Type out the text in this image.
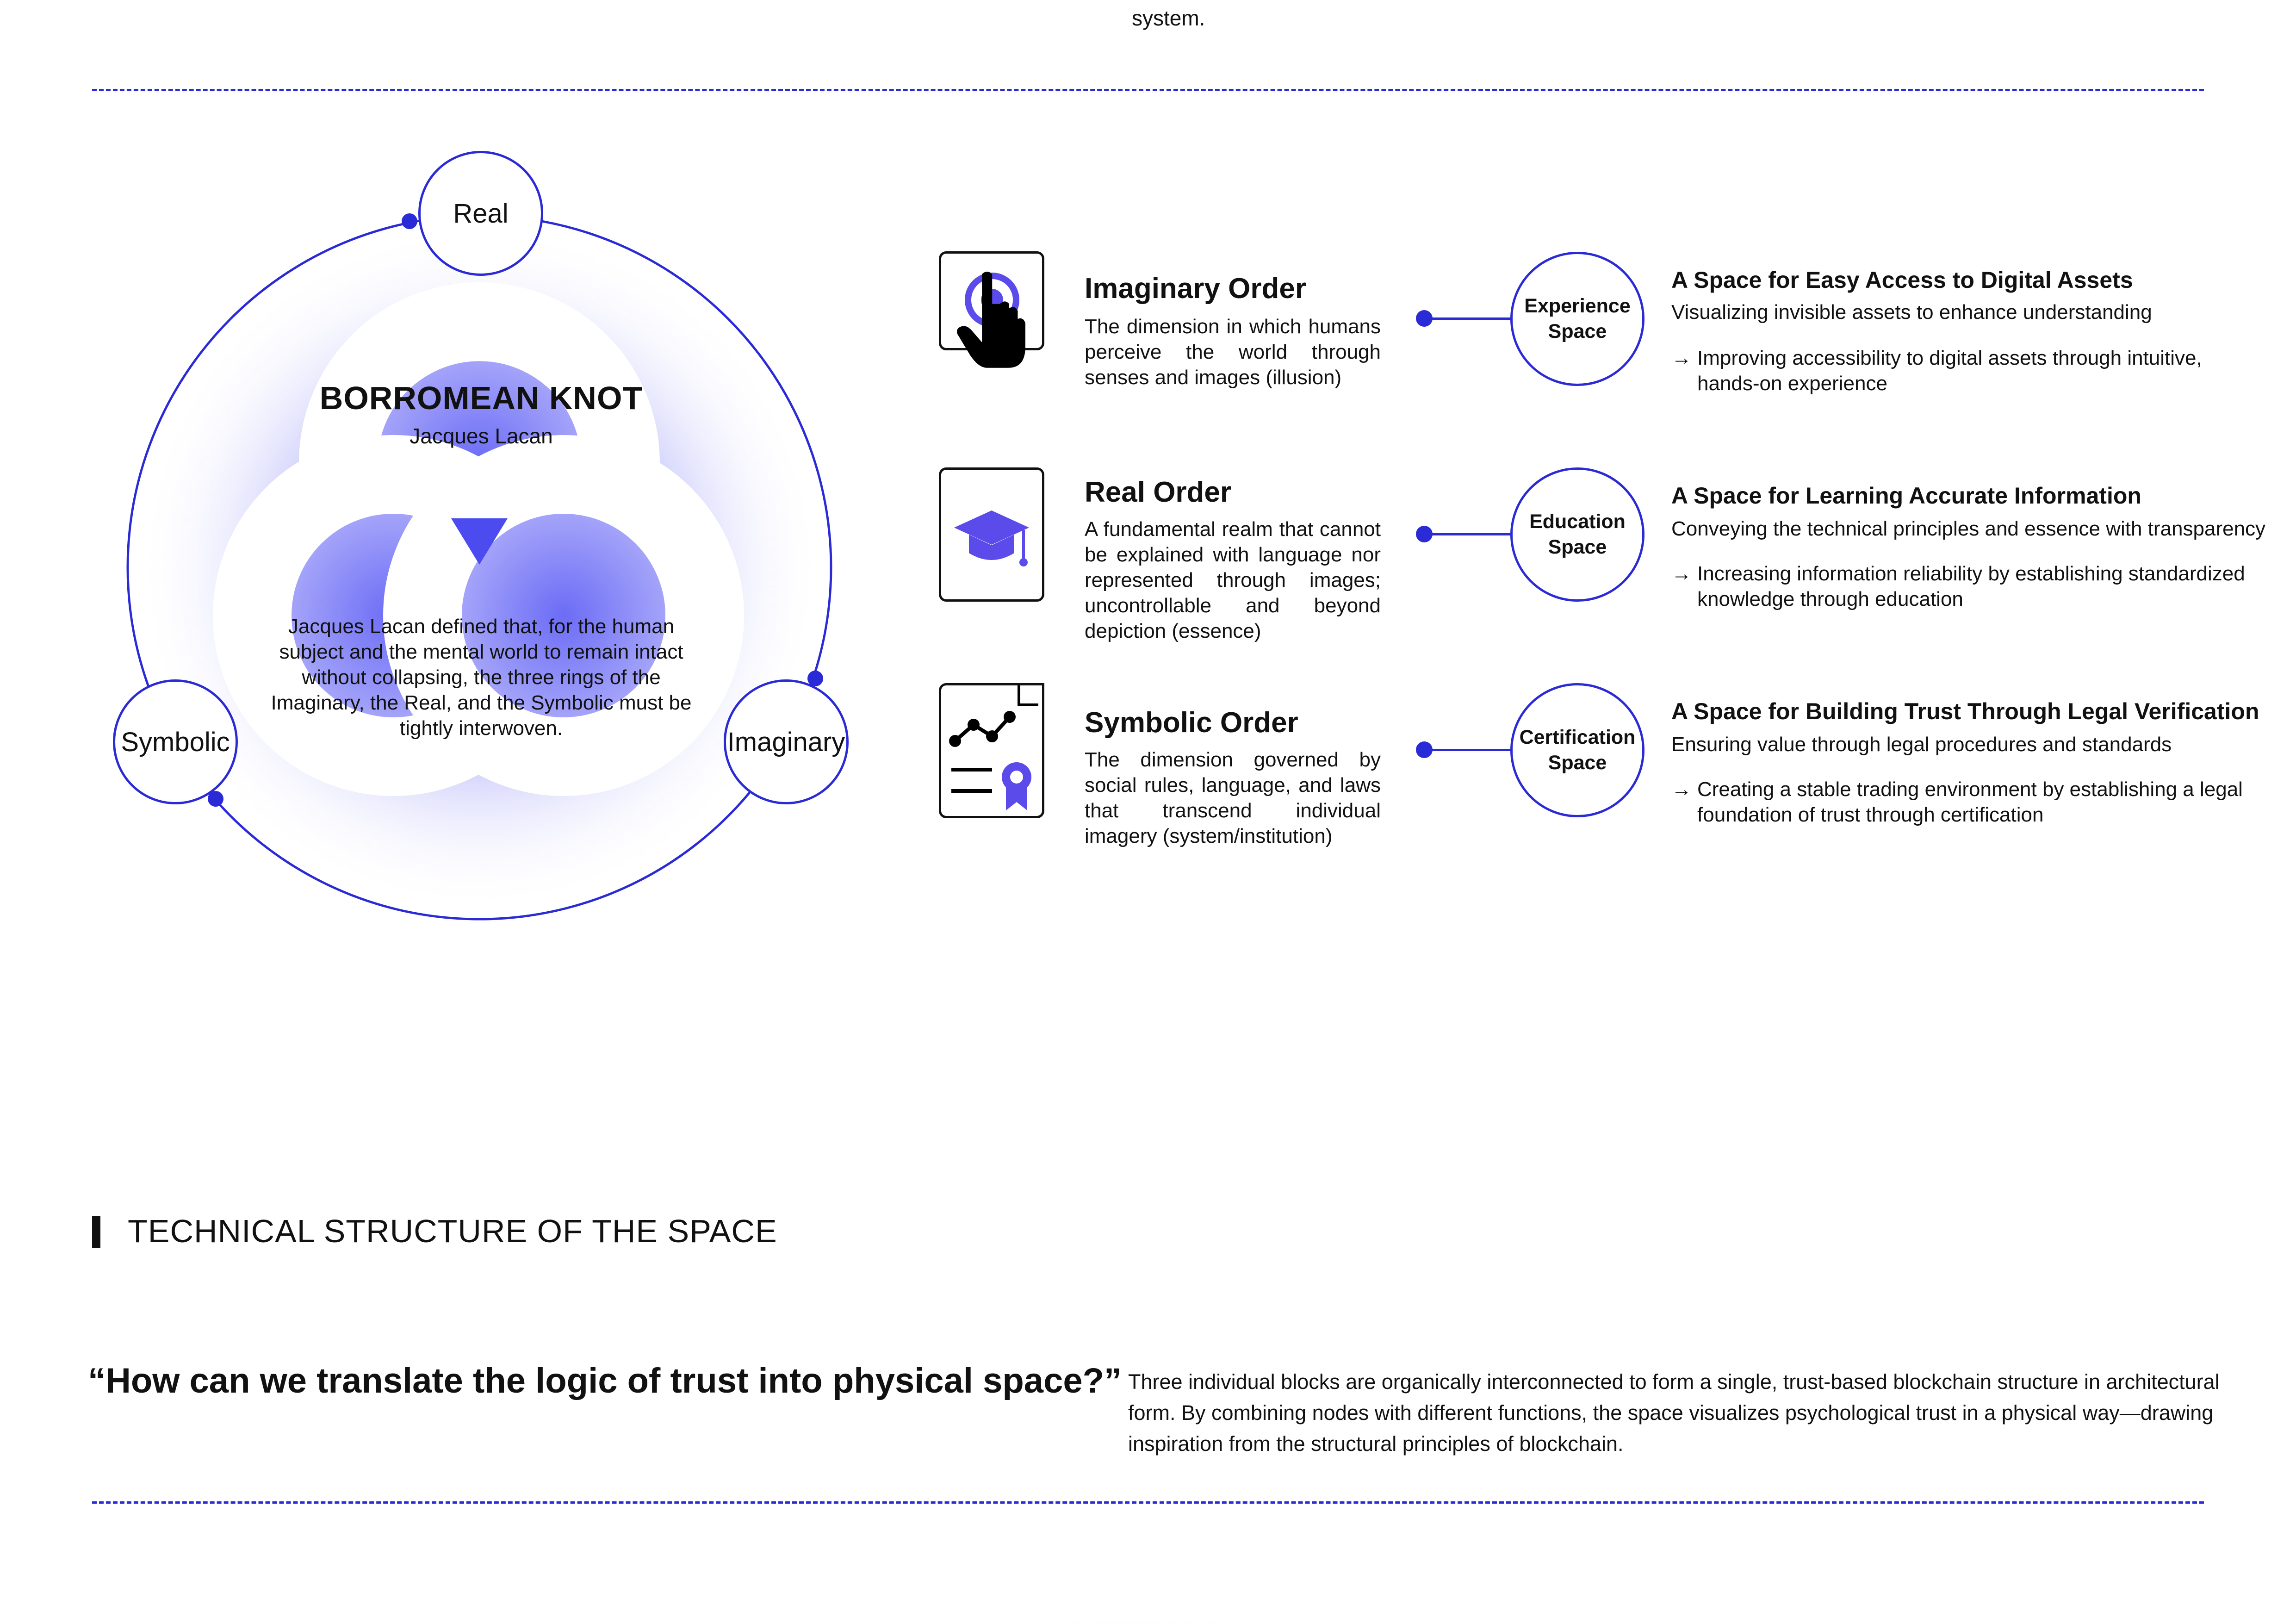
system.
BORROMEAN KNOT
Jacques Lacan
Jacques Lacan defined that, for the human subject and the mental world to remain intact without collapsing, the three rings of the Imaginary, the Real, and the Symbolic must be tightly interwoven.
Real
Symbolic	Imaginary
Imaginary Order
The dimension in which humans perceive the world through senses and images (illusion)
Real Order
A fundamental realm that cannot be explained with language nor represented through images; uncontrollable and beyond depiction (essence)
Symbolic Order
The dimension governed by social rules, language, and laws that transcend individual imagery (system/institution)
Experience
Space
A Space for Easy Access to Digital Assets
Visualizing invisible assets to enhance understanding
→ Improving accessibility to digital assets through intuitive, hands-on experience
Education
Space
A Space for Learning Accurate Information
Conveying the technical principles and essence with transparency
→ Increasing information reliability by establishing standardized knowledge through education
Certification
Space
A Space for Building Trust Through Legal Verification
Ensuring value through legal procedures and standards
→ Creating a stable trading environment by establishing a legal foundation of trust through certification
TECHNICAL STRUCTURE OF THE SPACE
“How can we translate the logic of trust into physical space?” Three individual blocks are organically interconnected to form a single, trust-based blockchain structure in architectural form. By combining nodes with different functions, the space visualizes psychological trust in a physical way—drawing inspiration from the structural principles of blockchain.
